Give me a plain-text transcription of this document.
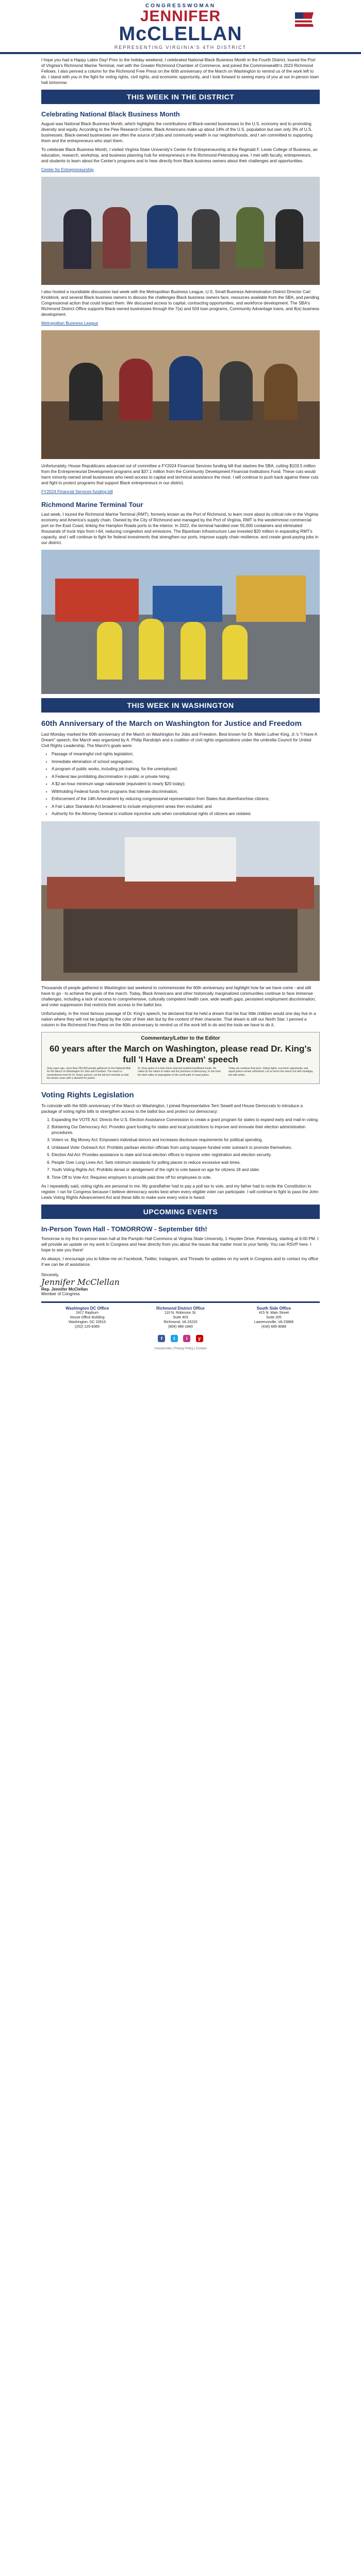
CONGRESSWOMAN
JENNIFER
McCLELLAN
REPRESENTING VIRGINIA'S 4TH DISTRICT

I hope you had a Happy Labor Day! Prior to the holiday weekend, I celebrated National Black Business Month in the Fourth District, toured the Port of Virginia's Richmond Marine Terminal, met with the Greater Richmond Chamber of Commerce, and joined the Commonwealth's 2023 Richmond Fellows. I also penned a column for the Richmond Free Press on the 60th anniversary of the March on Washington to remind us of the work left to do. I stand with you in the fight for voting rights, civil rights, and economic opportunity, and I look forward to seeing many of you at our in-person town hall tomorrow.

THIS WEEK IN THE DISTRICT
Celebrating National Black Business Month

August was National Black Business Month, which highlights the contributions of Black-owned businesses to the U.S. economy and to promoting diversity and equity. According to the Pew Research Center, Black Americans make up about 14% of the U.S. population but own only 3% of U.S. businesses. Black-owned businesses are often the source of jobs and community wealth in our neighborhoods, and I am committed to supporting them and the entrepreneurs who start them.

To celebrate Black Business Month, I visited Virginia State University's Center for Entrepreneurship at the Reginald F. Lewis College of Business, an education, research, workshop, and business planning hub for entrepreneurs in the Richmond-Petersburg area. I met with faculty, entrepreneurs, and students to learn about the Center's programs and to hear directly from Black business owners about their challenges and opportunities.

Center for Entrepreneurship

I also hosted a roundtable discussion last week with the Metropolitan Business League, U.S. Small Business Administration District Director Carl Knoblock, and several Black business owners to discuss the challenges Black business owners face, resources available from the SBA, and pending Congressional action that could impact them. We discussed access to capital, contracting opportunities, and workforce development. The SBA's Richmond District Office supports Black-owned businesses through the 7(a) and 504 loan programs, Community Advantage loans, and 8(a) business development.

Metropolitan Business League

Unfortunately, House Republicans advanced out of committee a FY2024 Financial Services funding bill that slashes the SBA, cutting $103.5 million from the Entrepreneurial Development programs and $37.1 million from the Community Development Financial Institutions Fund. These cuts would harm minority-owned small businesses who need access to capital and technical assistance the most. I will continue to push back against these cuts and fight to protect programs that support Black entrepreneurs in our district.

FY2024 Financial Services funding bill

Richmond Marine Terminal Tour

Last week, I toured the Richmond Marine Terminal (RMT), formerly known as the Port of Richmond, to learn more about its critical role in the Virginia economy and America's supply chain. Owned by the City of Richmond and managed by the Port of Virginia, RMT is the westernmost commercial port on the East Coast, linking the Hampton Roads ports to the interior. In 2022, the terminal handled over 55,000 containers and eliminated thousands of truck trips from I-64, reducing congestion and emissions. The Bipartisan Infrastructure Law invested $20 million in expanding RMT's capacity, and I will continue to fight for federal investments that strengthen our ports, improve supply chain resilience, and create good-paying jobs in our district.

THIS WEEK IN WASHINGTON
60th Anniversary of the March on Washington for Justice and Freedom

Last Monday marked the 60th anniversary of the March on Washington for Jobs and Freedom. Best known for Dr. Martin Luther King, Jr.'s "I Have A Dream" speech, the March was organized by A. Philip Randolph and a coalition of civil rights organizations under the umbrella Council for United Civil Rights Leadership. The March's goals were:

• Passage of meaningful civil rights legislation;
• Immediate elimination of school segregation;
• A program of public works, including job training, for the unemployed;
• A Federal law prohibiting discrimination in public or private hiring;
• A $2-an-hour minimum wage nationwide (equivalent to nearly $20 today);
• Withholding Federal funds from programs that tolerate discrimination;
• Enforcement of the 14th Amendment by reducing congressional representation from States that disenfranchise citizens;
• A Fair Labor Standards Act broadened to include employment areas then excluded; and
• Authority for the Attorney General to institute injunctive suits when constitutional rights of citizens are violated.

Thousands of people gathered in Washington last weekend to commemorate the 60th anniversary and highlight how far we have come - and still have to go - to achieve the goals of the march. Today, Black Americans and other historically marginalized communities continue to face immense challenges, including a lack of access to comprehensive, culturally competent health care, wide wealth gaps, persistent employment discrimination, and voter suppression that restricts their access to the ballot box.

Unfortunately, in the most famous passage of Dr. King's speech, he declared that he held a dream that his four little children would one day live in a nation where they will not be judged by the color of their skin but by the content of their character. That dream is still our North Star. I penned a column in the Richmond Free Press on the 60th anniversary to remind us of the work left to do and the tools we have to do it.

Commentary/Letter to the Editor
60 years after the March on Washington, please read Dr. King's full 'I Have a Dream' speech

Sixty years ago, more than 250,000 people gathered on the National Mall for the March on Washington for Jobs and Freedom. The march is remembered most for Dr. King's speech, yet the full text reminds us that the dream came with a demand for justice.

Dr. King spoke of a bad check returned marked insufficient funds. He called on the nation to make real the promises of democracy, to rise from the dark valley of segregation to the sunlit path of racial justice.

Today we continue that work. Voting rights, economic opportunity, and equal justice remain unfinished. Let us honor the march not with nostalgia, but with action.

Voting Rights Legislation

To coincide with the 60th anniversary of the March on Washington, I joined Representative Terri Sewell and House Democrats to introduce a package of voting rights bills to strengthen access to the ballot box and protect our democracy:

1. Expanding the VOTE Act: Directs the U.S. Election Assistance Commission to create a grant program for states to expand early and mail-in voting.
2. Bolstering Our Democracy Act: Provides grant funding for states and local jurisdictions to improve and innovate their election administration procedures.
3. Voters vs. Big Money Act: Empowers individual donors and increases disclosure requirements for political spending.
4. Unbiased Voter Outreach Act: Prohibits partisan election officials from using taxpayer-funded voter outreach to promote themselves.
5. Election Aid Act: Provides assistance to state and local election offices to improve voter registration and election security.
6. People Over Long Lines Act: Sets minimum standards for polling places to reduce excessive wait times.
7. Youth Voting Rights Act: Prohibits denial or abridgement of the right to vote based on age for citizens 18 and older.
8. Time Off to Vote Act: Requires employers to provide paid time off for employees to vote.

As I repeatedly said, voting rights are personal to me. My grandfather had to pay a poll tax to vote, and my father had to recite the Constitution to register. I ran for Congress because I believe democracy works best when every eligible voter can participate. I will continue to fight to pass the John Lewis Voting Rights Advancement Act and these bills to make sure every voice is heard.

UPCOMING EVENTS
In-Person Town Hall - TOMORROW - September 6th!

Tomorrow is my first in-person town hall at the Pamplin Hall Commons at Virginia State University, 1 Hayden Drive, Petersburg, starting at 6:00 PM. I will provide an update on my work in Congress and hear directly from you about the issues that matter most to your family. You can RSVP here. I hope to see you there!

As always, I encourage you to follow me on Facebook, Twitter, Instagram, and Threads for updates on my work in Congress and to contact my office if we can be of assistance.

Sincerely,
Jennifer McClellan
Rep. Jennifer McClellan
Member of Congress
Washington DC Office
2417 Rayburn
House Office Building
Washington, DC 20515
(202) 225-6365
Richmond District Office
110 N. Robinson St.
Suite 403
Richmond, VA 23220
(804) 486-1840
South Side Office
415 N. Main Street
Suite 205
Lawrenceville, VA 23868
(434) 695-9088
f t i y
Unsubscribe | Privacy Policy | Contact
